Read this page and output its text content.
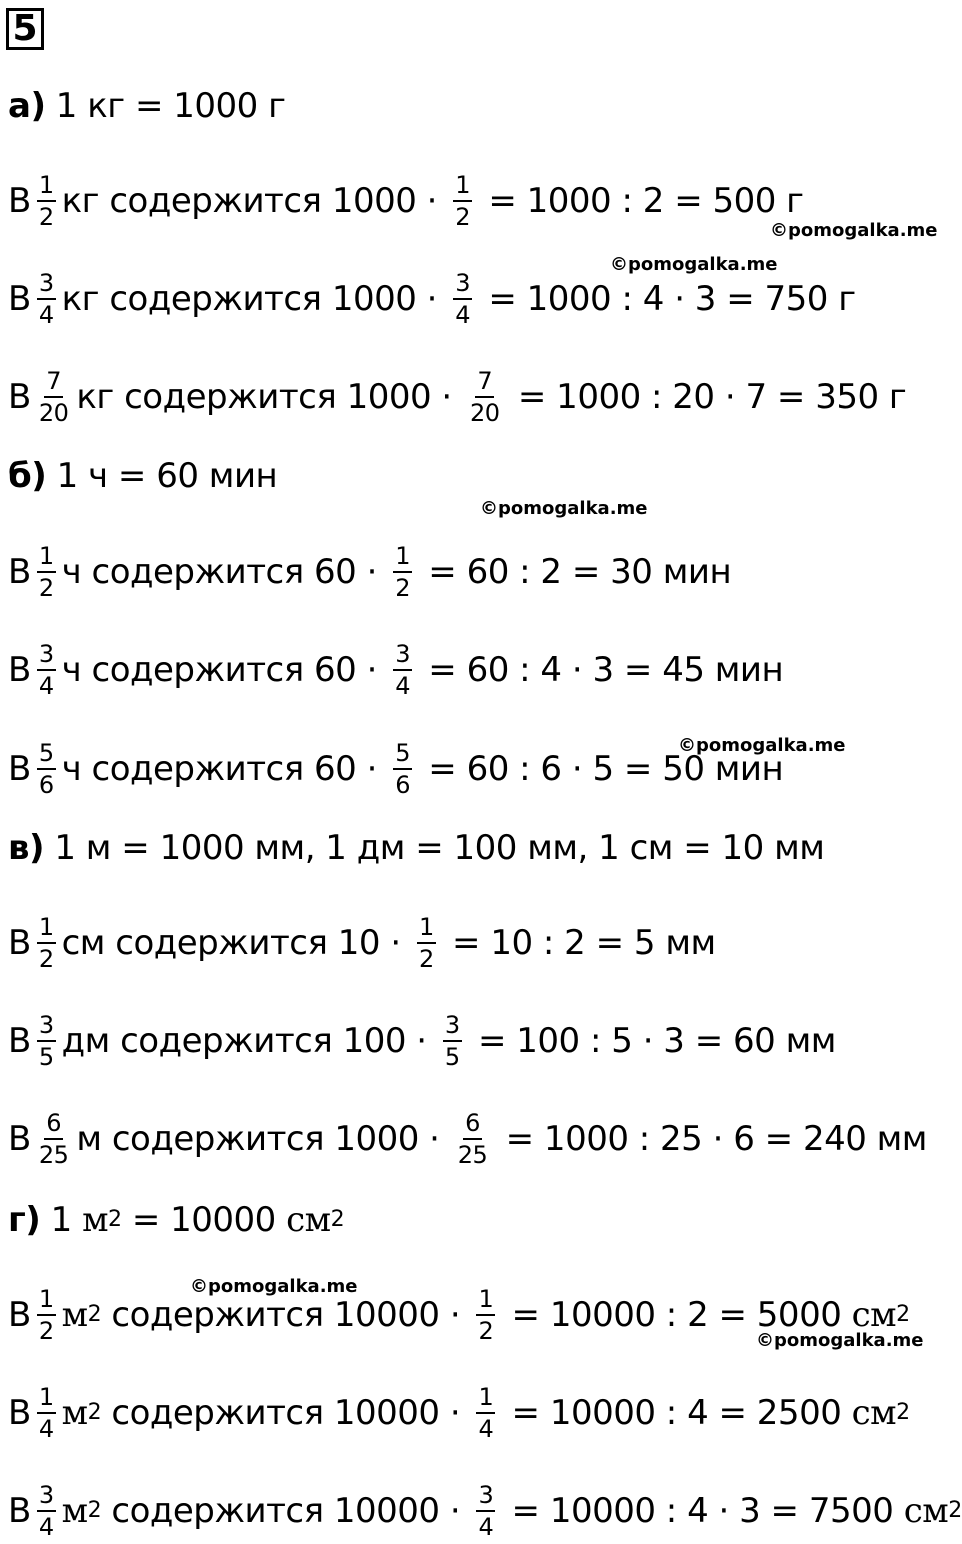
5
а) 1 кг = 1000 г
В $\frac{1}{2}$ кг содержится $1000 \cdot \frac{1}{2} = 1000$ : 2 = 500 г
В $\frac{3}{4}$ кг содержится $1000 \cdot \frac{3}{4} = 1000$ : 4 · 3 = 750 г
В $\frac{7}{20}$ кг содержится $1000 \cdot \frac{7}{20} = 1000$ : 20 · 7 = 350 г
б) 1 ч = 60 мин
В $\frac{1}{2}$ ч содержится $60 \cdot \frac{1}{2} = 60$ : 2 = 30 мин
В $\frac{3}{4}$ ч содержится $60 \cdot \frac{3}{4} = 60$ : 4 · 3 = 45 мин
В $\frac{5}{6}$ ч содержится $60 \cdot \frac{5}{6} = 60$ : 6 · 5 = 50 мин
в) 1 м = 1000 мм, 1 дм = 100 мм, 1 см = 10 мм
В $\frac{1}{2}$ см содержится $10 \cdot \frac{1}{2} = 10$ : 2 = 5 мм
В $\frac{3}{5}$ дм содержится $100 \cdot \frac{3}{5} = 100$ : 5 · 3 = 60 мм
В $\frac{6}{25}$ м содержится $1000 \cdot \frac{6}{25} = 1000$ : 25 · 6 = 240 мм
г) 1 м 2 = 10000 см 2
В $\frac{1}{2}$ м 2 содержится $10000 \cdot \frac{1}{2} = 10000$ : 2 = 5000 см 2
В $\frac{1}{4}$ м 2 содержится $10000 \cdot \frac{1}{4} = 10000$ : 4 = 2500 см 2
В $\frac{3}{4}$ м 2 содержится $10000 \cdot \frac{3}{4} = 10000$ : 4 · 3 = 7500 см 2
©pomogalka.me
©pomogalka.me
©pomogalka.me
©pomogalka.me
©pomogalka.me
©pomogalka.me
